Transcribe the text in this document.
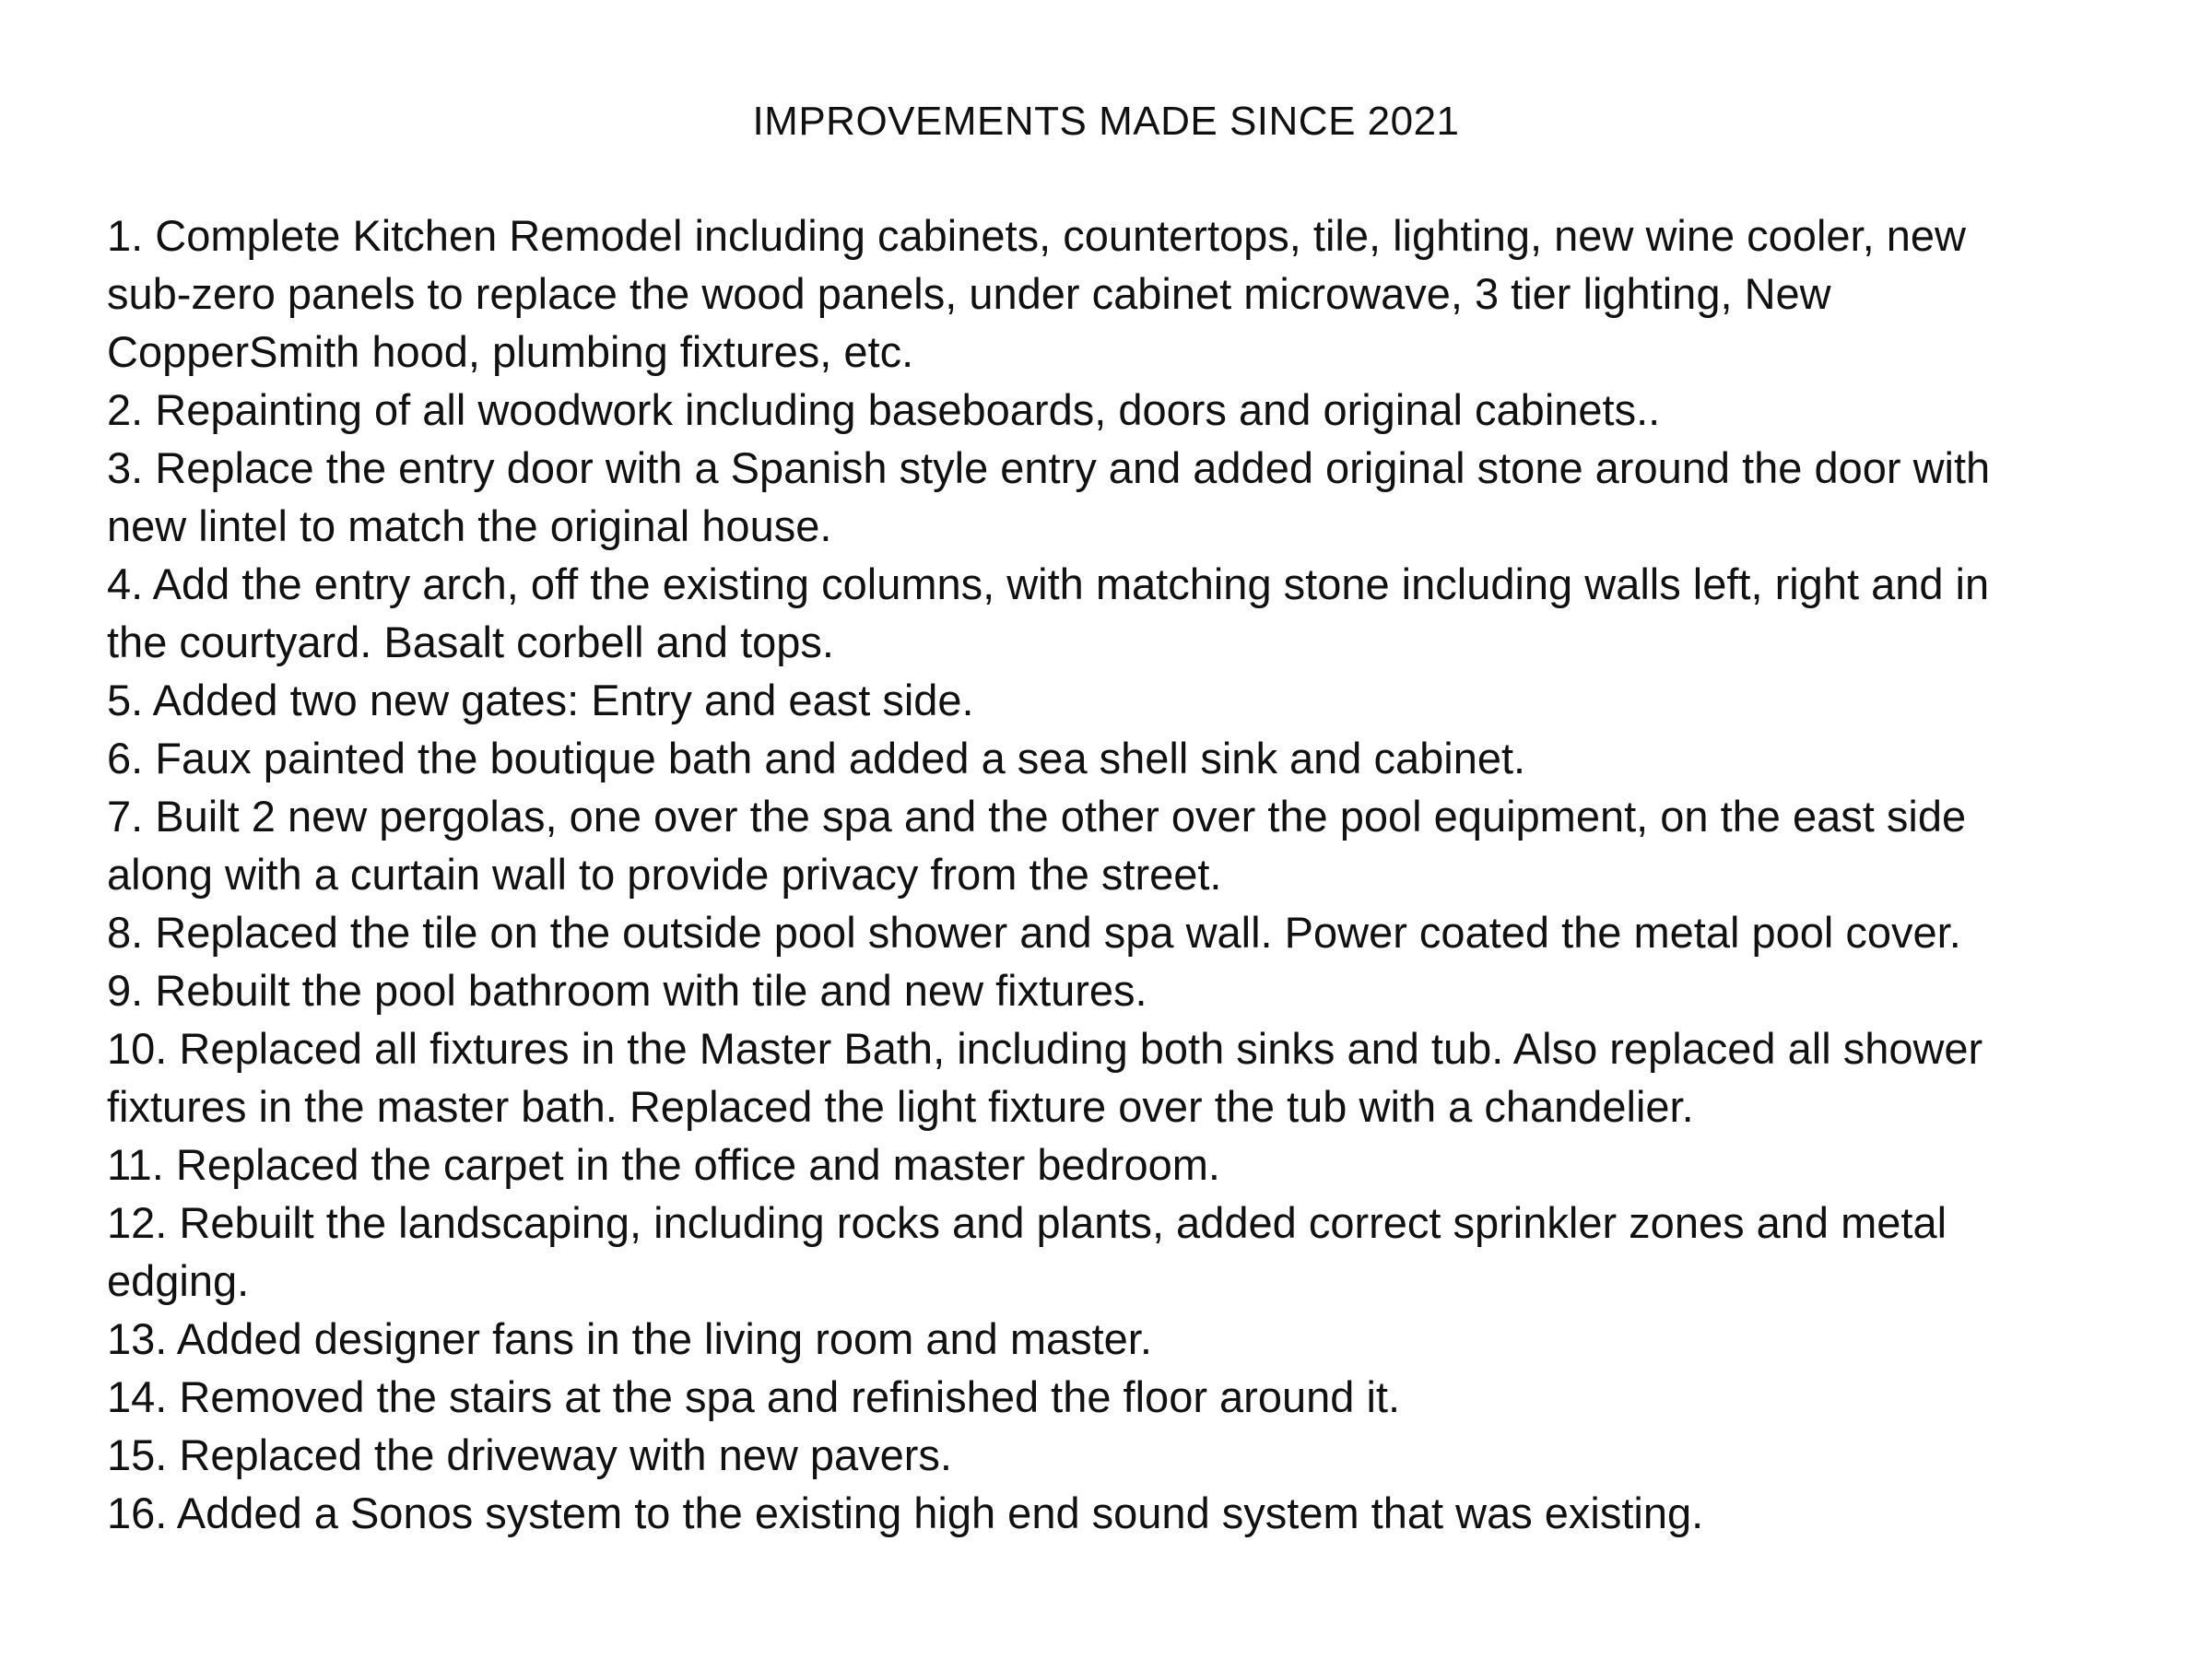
IMPROVEMENTS MADE SINCE 2021
1. Complete Kitchen Remodel including cabinets, countertops, tile, lighting, new wine cooler, new
sub-zero panels to replace the wood panels, under cabinet microwave, 3 tier lighting, New
CopperSmith hood, plumbing fixtures, etc.
2. Repainting of all woodwork including baseboards, doors and original cabinets..
3. Replace the entry door with a Spanish style entry and added original stone around the door with
new lintel to match the original house.
4. Add the entry arch, off the existing columns, with matching stone including walls left, right and in
the courtyard. Basalt corbell and tops.
5. Added two new gates: Entry and east side.
6. Faux painted the boutique bath and added a sea shell sink and cabinet.
7. Built 2 new pergolas, one over the spa and the other over the pool equipment, on the east side
along with a curtain wall to provide privacy from the street.
8. Replaced the tile on the outside pool shower and spa wall. Power coated the metal pool cover.
9. Rebuilt the pool bathroom with tile and new fixtures.
10. Replaced all fixtures in the Master Bath, including both sinks and tub. Also replaced all shower
fixtures in the master bath. Replaced the light fixture over the tub with a chandelier.
11. Replaced the carpet in the office and master bedroom.
12. Rebuilt the landscaping, including rocks and plants, added correct sprinkler zones and metal
edging.
13. Added designer fans in the living room and master.
14. Removed the stairs at the spa and refinished the floor around it.
15. Replaced the driveway with new pavers.
16. Added a Sonos system to the existing high end sound system that was existing.
